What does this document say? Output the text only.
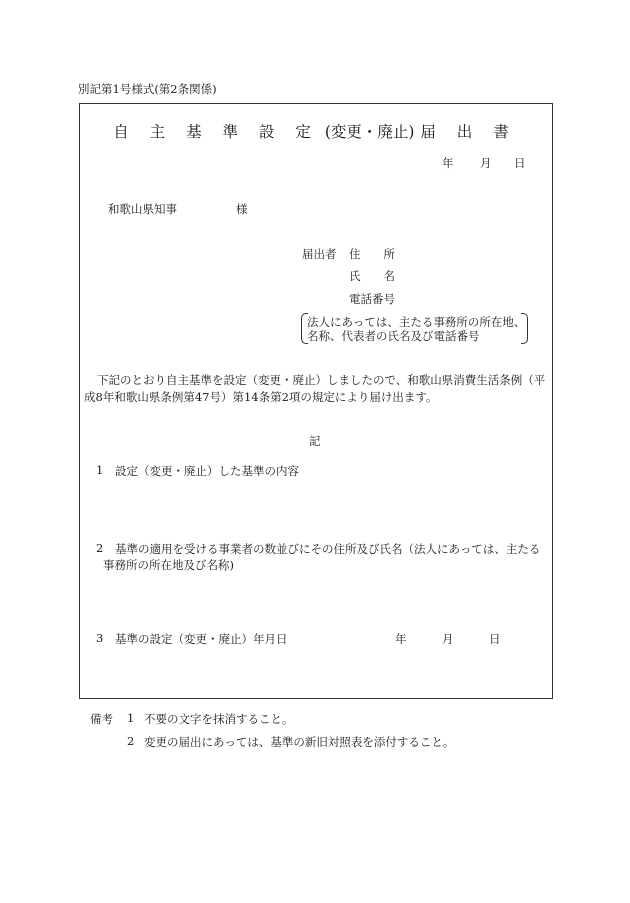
別記第1号様式(第2条関係)
自 主 基 準 設 定 (変更・廃止) 届 出 書
年 月 日
和歌山県知事	様
届出者 住　　所
氏　　名
電話番号
法人にあっては、主たる事務所の所在地、
名称、代表者の氏名及び電話番号
下記のとおり自主基準を設定（変更・廃止）しましたので、和歌山県消費生活条例（平
成8年和歌山県条例第47号）第14条第2項の規定により届け出ます。
記
1 設定（変更・廃止）した基準の内容
2 基準の適用を受ける事業者の数並びにその住所及び氏名（法人にあっては、主たる
事務所の所在地及び名称)
3 基準の設定（変更・廃止）年月日	年	月	日
備考 1 不要の文字を抹消すること。
2 変更の届出にあっては、基準の新旧対照表を添付すること。
